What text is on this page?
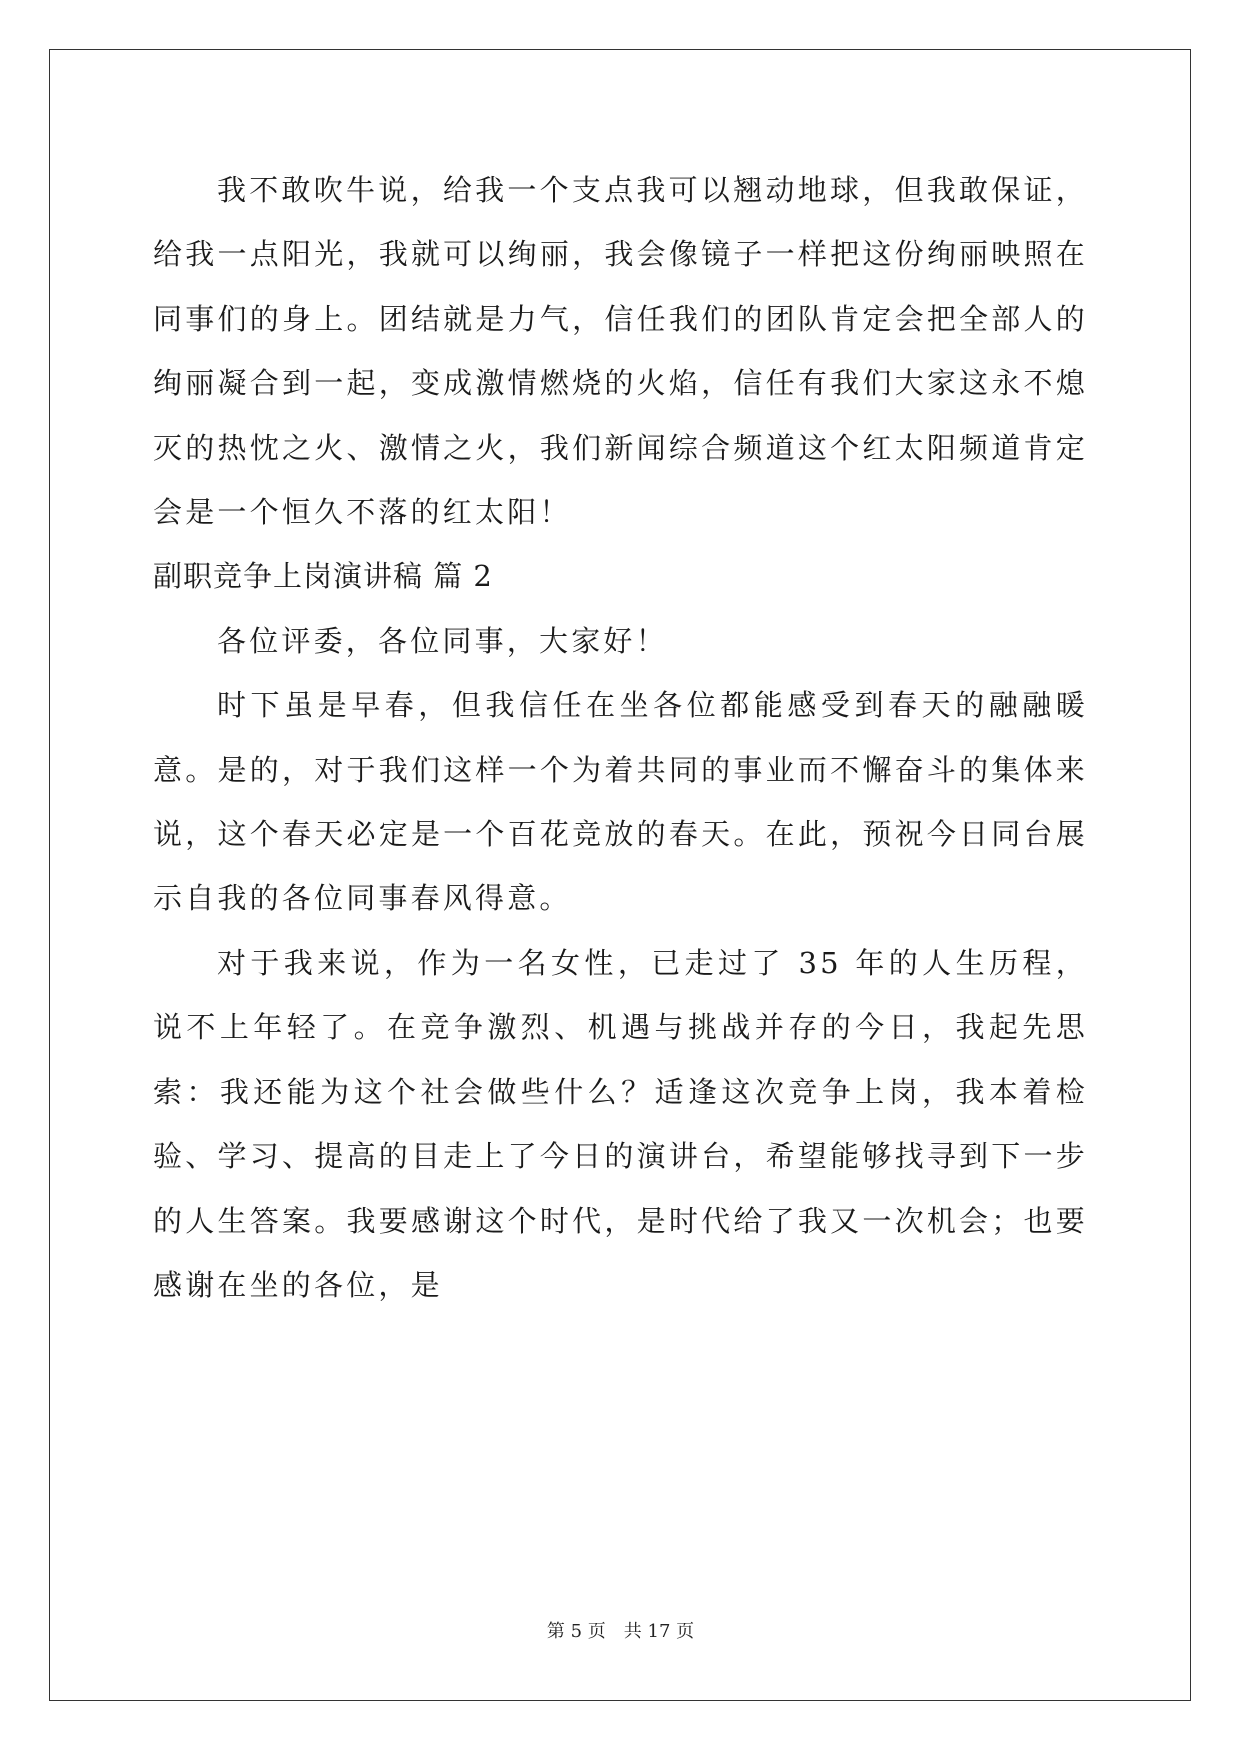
我不敢吹牛说，给我一个支点我可以翘动地球，但我敢保证，给我一点阳光，我就可以绚丽，我会像镜子一样把这份绚丽映照在同事们的身上。团结就是力气，信任我们的团队肯定会把全部人的绚丽凝合到一起，变成激情燃烧的火焰，信任有我们大家这永不熄灭的热忱之火、激情之火，我们新闻综合频道这个红太阳频道肯定会是一个恒久不落的红太阳！

副职竞争上岗演讲稿 篇 2

各位评委，各位同事，大家好！

时下虽是早春，但我信任在坐各位都能感受到春天的融融暖意。是的，对于我们这样一个为着共同的事业而不懈奋斗的集体来说，这个春天必定是一个百花竞放的春天。在此，预祝今日同台展示自我的各位同事春风得意。

对于我来说，作为一名女性，已走过了 35 年的人生历程，说不上年轻了。在竞争激烈、机遇与挑战并存的今日，我起先思索：我还能为这个社会做些什么？适逢这次竞争上岗，我本着检验、学习、提高的目走上了今日的演讲台，希望能够找寻到下一步的人生答案。我要感谢这个时代，是时代给了我又一次机会；也要感谢在坐的各位，是

第 5 页 共 17 页
